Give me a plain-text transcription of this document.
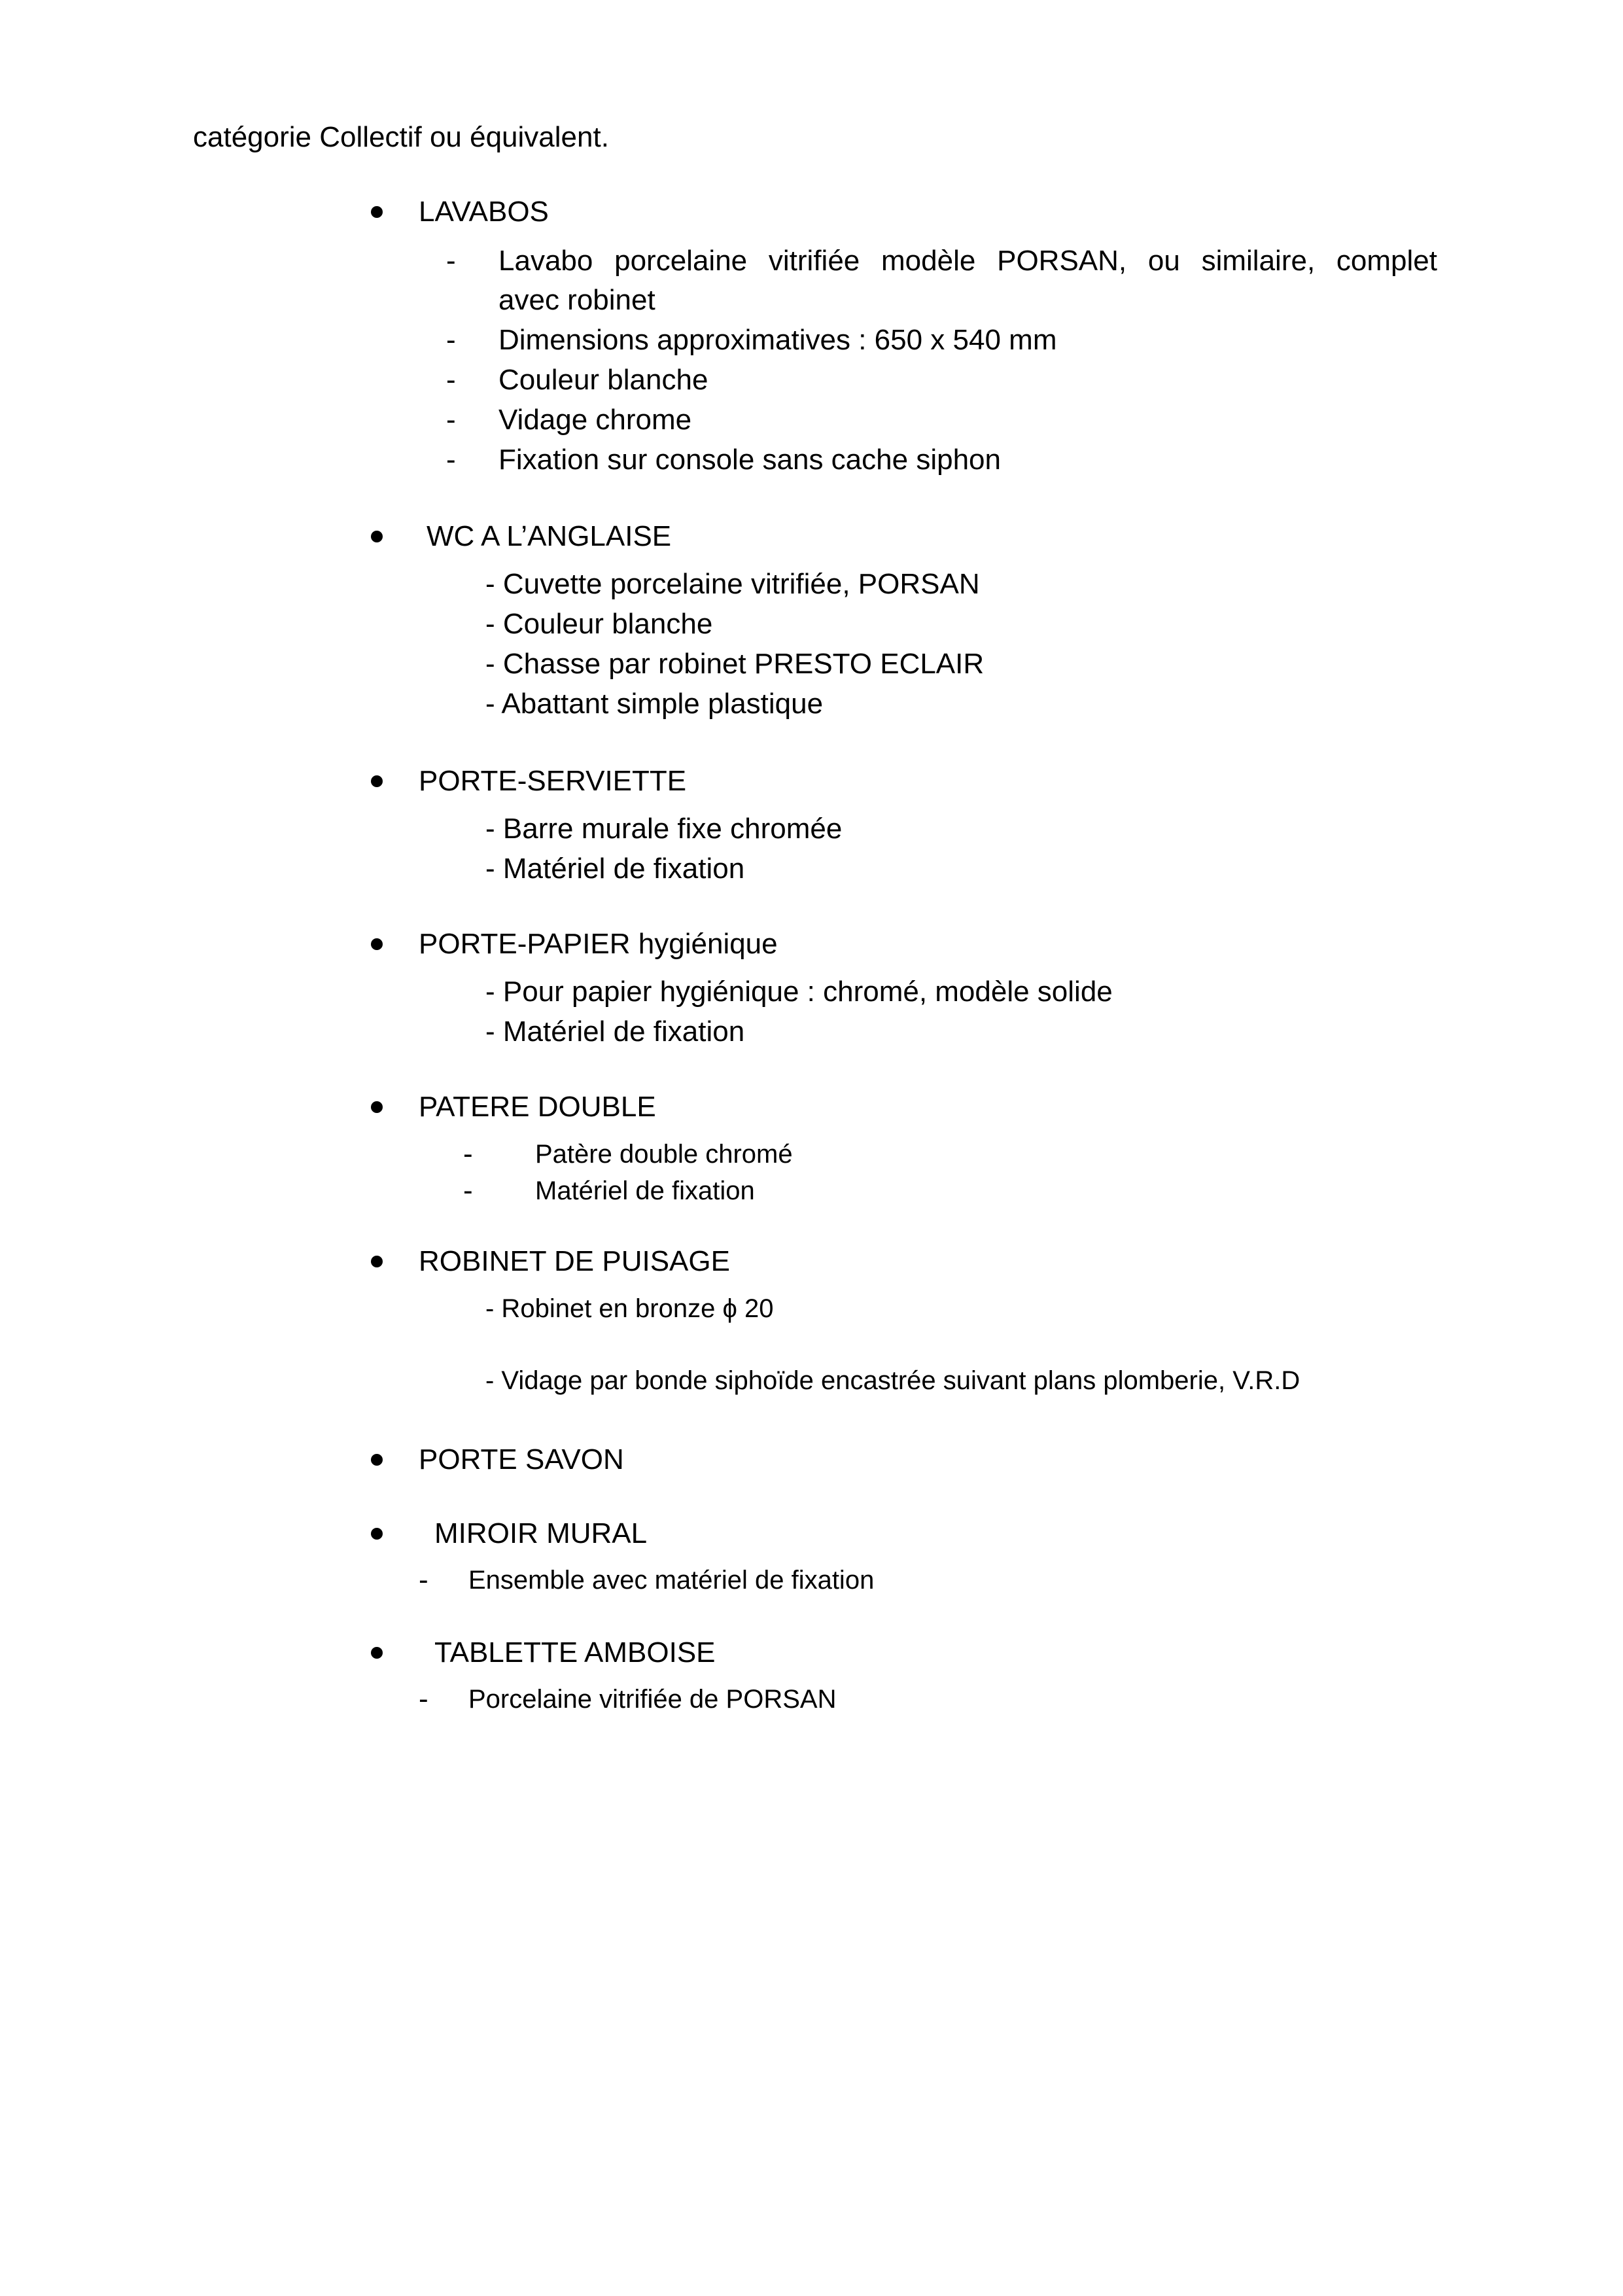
catégorie Collectif ou équivalent.
LAVABOS
- Lavabo porcelaine vitrifiée modèle PORSAN, ou similaire, complet
avec robinet
- Dimensions approximatives : 650 x 540 mm
- Couleur blanche
- Vidage chrome
- Fixation sur console sans cache siphon
WC A L’ANGLAISE
- Cuvette porcelaine vitrifiée, PORSAN
- Couleur blanche
- Chasse par robinet PRESTO ECLAIR
- Abattant simple plastique
PORTE-SERVIETTE
- Barre murale fixe chromée
- Matériel de fixation
PORTE-PAPIER hygiénique
- Pour papier hygiénique : chromé, modèle solide
- Matériel de fixation
PATERE DOUBLE
- Patère double chromé
- Matériel de fixation
ROBINET DE PUISAGE
- Robinet en bronze ϕ 20
- Vidage par bonde siphoïde encastrée suivant plans plomberie, V.R.D
PORTE SAVON
MIROIR MURAL
- Ensemble avec matériel de fixation
TABLETTE AMBOISE
- Porcelaine vitrifiée de PORSAN
